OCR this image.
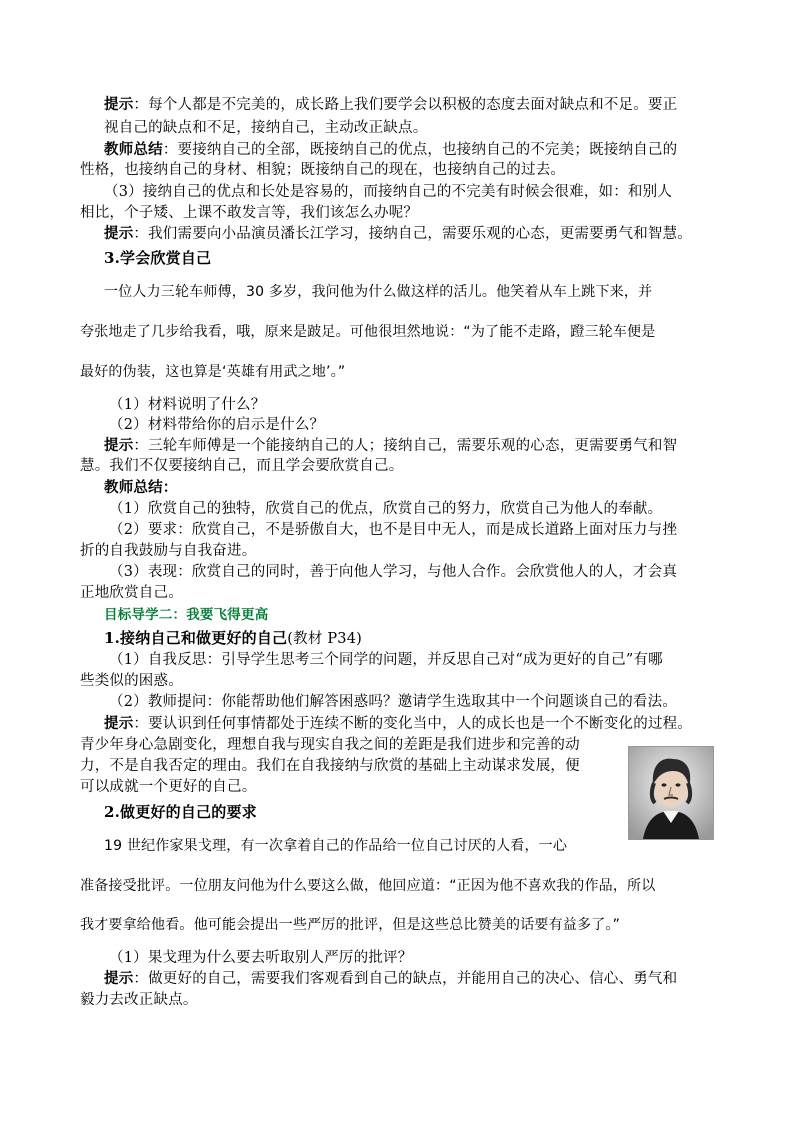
提示：每个人都是不完美的，成长路上我们要学会以积极的态度去面对缺点和不足。要正
视自己的缺点和不足，接纳自己，主动改正缺点。
教师总结：要接纳自己的全部，既接纳自己的优点，也接纳自己的不完美；既接纳自己的
性格，也接纳自己的身材、相貌；既接纳自己的现在，也接纳自己的过去。
（3）接纳自己的优点和长处是容易的，而接纳自己的不完美有时候会很难，如：和别人
相比，个子矮、上课不敢发言等，我们该怎么办呢？
提示：我们需要向小品演员潘长江学习，接纳自己，需要乐观的心态，更需要勇气和智慧。
3.学会欣赏自己
一位人力三轮车师傅，30 多岁，我问他为什么做这样的活儿。他笑着从车上跳下来，并
夸张地走了几步给我看，哦，原来是跛足。可他很坦然地说：“为了能不走路，蹬三轮车便是
最好的伪装，这也算是‘英雄有用武之地’。”
（1）材料说明了什么？
（2）材料带给你的启示是什么？
提示：三轮车师傅是一个能接纳自己的人；接纳自己，需要乐观的心态，更需要勇气和智
慧。我们不仅要接纳自己，而且学会要欣赏自己。
教师总结：
（1）欣赏自己的独特，欣赏自己的优点，欣赏自己的努力，欣赏自己为他人的奉献。
（2）要求：欣赏自己，不是骄傲自大，也不是目中无人，而是成长道路上面对压力与挫
折的自我鼓励与自我奋进。
（3）表现：欣赏自己的同时，善于向他人学习，与他人合作。会欣赏他人的人，才会真
正地欣赏自己。
目标导学二：我要飞得更高
1.接纳自己和做更好的自己(教材 P34)
（1）自我反思：引导学生思考三个同学的问题，并反思自己对“成为更好的自己”有哪
些类似的困惑。
（2）教师提问：你能帮助他们解答困惑吗？邀请学生选取其中一个问题谈自己的看法。
提示：要认识到任何事情都处于连续不断的变化当中，人的成长也是一个不断变化的过程。
青少年身心急剧变化，理想自我与现实自我之间的差距是我们进步和完善的动
力，不是自我否定的理由。我们在自我接纳与欣赏的基础上主动谋求发展，便
可以成就一个更好的自己。
2.做更好的自己的要求
19 世纪作家果戈理，有一次拿着自己的作品给一位自己讨厌的人看，一心
准备接受批评。一位朋友问他为什么要这么做，他回应道：“正因为他不喜欢我的作品，所以
我才要拿给他看。他可能会提出一些严厉的批评，但是这些总比赞美的话要有益多了。”
（1）果戈理为什么要去听取别人严厉的批评？
提示：做更好的自己，需要我们客观看到自己的缺点，并能用自己的决心、信心、勇气和
毅力去改正缺点。
